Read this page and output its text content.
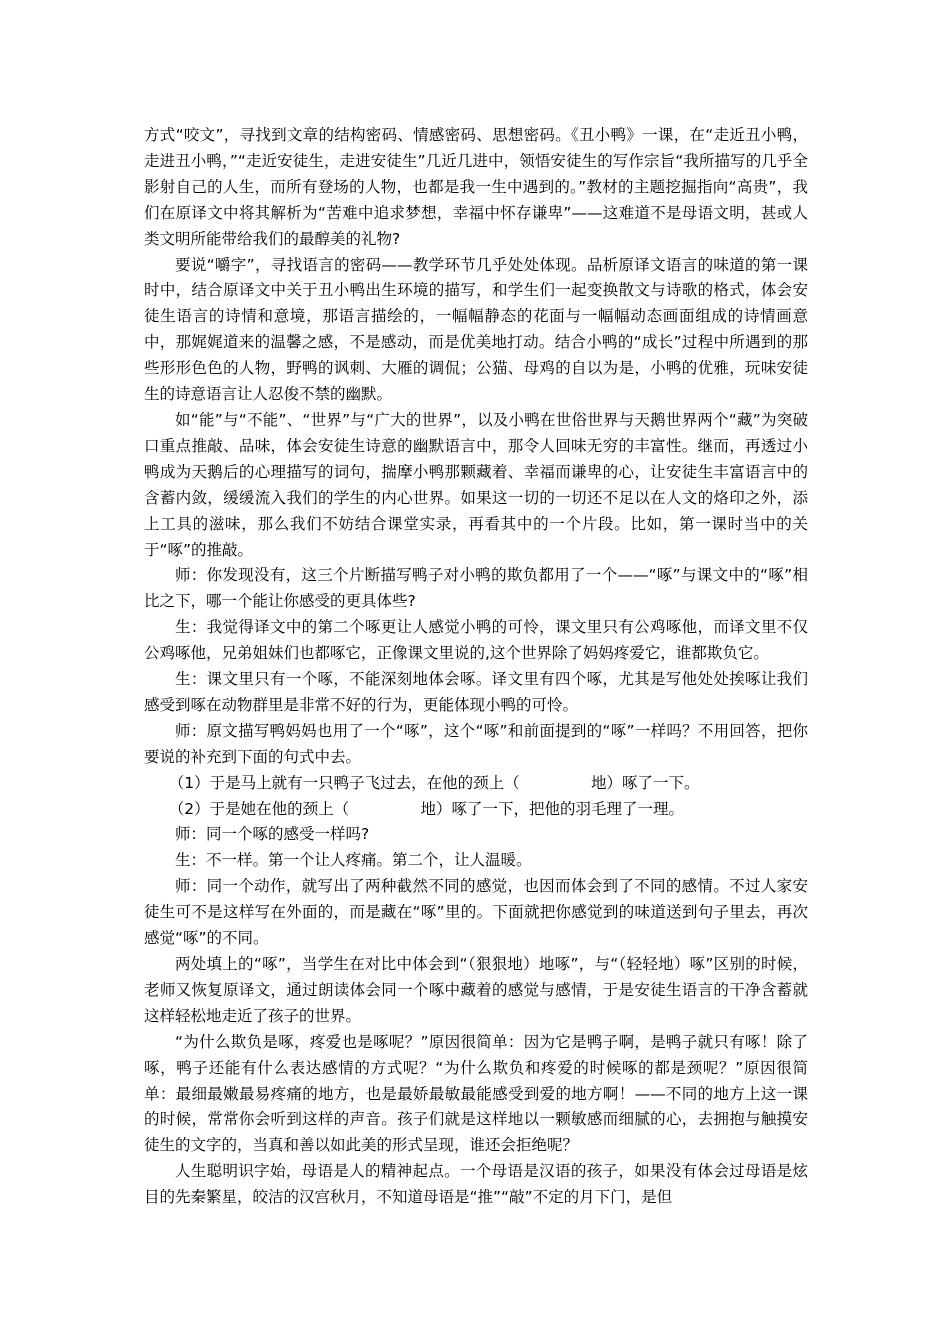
方式“咬文”，寻找到文章的结构密码、情感密码、思想密码。《丑小鸭》一课，在“走近丑小鸭，走进丑小鸭，”“走近安徒生，走进安徒生”几近几进中，领悟安徒生的写作宗旨“我所描写的几乎全影射自己的人生，而所有登场的人物，也都是我一生中遇到的。”教材的主题挖掘指向“高贵”，我们在原译文中将其解析为“苦难中追求梦想，幸福中怀存谦卑”——这难道不是母语文明，甚或人类文明所能带给我们的最醇美的礼物?

要说“嚼字”，寻找语言的密码——教学环节几乎处处体现。品析原译文语言的味道的第一课时中，结合原译文中关于丑小鸭出生环境的描写，和学生们一起变换散文与诗歌的格式，体会安徒生语言的诗情和意境，那语言描绘的，一幅幅静态的花面与一幅幅动态画面组成的诗情画意中，那娓娓道来的温馨之感，不是感动，而是优美地打动。结合小鸭的“成长”过程中所遇到的那些形形色色的人物，野鸭的讽刺、大雁的调侃；公猫、母鸡的自以为是，小鸭的优雅，玩味安徒生的诗意语言让人忍俊不禁的幽默。

如“能”与“不能”、“世界”与“广大的世界”，以及小鸭在世俗世界与天鹅世界两个“藏”为突破口重点推敲、品味，体会安徒生诗意的幽默语言中，那令人回味无穷的丰富性。继而，再透过小鸭成为天鹅后的心理描写的词句，揣摩小鸭那颗藏着、幸福而谦卑的心，让安徒生丰富语言中的含蓄内敛，缓缓流入我们的学生的内心世界。如果这一切的一切还不足以在人文的烙印之外，添上工具的滋味，那么我们不妨结合课堂实录，再看其中的一个片段。比如，第一课时当中的关于“啄”的推敲。

师：你发现没有，这三个片断描写鸭子对小鸭的欺负都用了一个——“啄”与课文中的“啄”相比之下，哪一个能让你感受的更具体些?

生：我觉得译文中的第二个啄更让人感觉小鸭的可怜，课文里只有公鸡啄他，而译文里不仅公鸡啄他，兄弟姐妹们也都啄它，正像课文里说的,这个世界除了妈妈疼爱它，谁都欺负它。

生：课文里只有一个啄，不能深刻地体会啄。译文里有四个啄，尤其是写他处处挨啄让我们感受到啄在动物群里是非常不好的行为，更能体现小鸭的可怜。

师：原文描写鸭妈妈也用了一个“啄”，这个“啄”和前面提到的“啄”一样吗？不用回答，把你要说的补充到下面的句式中去。

（1）于是马上就有一只鸭子飞过去，在他的颈上（	地）啄了一下。

（2）于是她在他的颈上（	地）啄了一下，把他的羽毛理了一理。

师：同一个啄的感受一样吗?

生：不一样。第一个让人疼痛。第二个，让人温暖。

师：同一个动作，就写出了两种截然不同的感觉，也因而体会到了不同的感情。不过人家安徒生可不是这样写在外面的，而是藏在“啄”里的。下面就把你感觉到的味道送到句子里去，再次感觉“啄”的不同。

两处填上的“啄”，当学生在对比中体会到“（狠狠地）地啄”，与“（轻轻地）啄”区别的时候，老师又恢复原译文，通过朗读体会同一个啄中藏着的感觉与感情，于是安徒生语言的干净含蓄就这样轻松地走近了孩子的世界。

“为什么欺负是啄，疼爱也是啄呢？”原因很简单：因为它是鸭子啊，是鸭子就只有啄！除了啄，鸭子还能有什么表达感情的方式呢？“为什么欺负和疼爱的时候啄的都是颈呢？”原因很简单：最细最嫩最易疼痛的地方，也是最娇最敏最能感受到爱的地方啊！——不同的地方上这一课的时候，常常你会听到这样的声音。孩子们就是这样地以一颗敏感而细腻的心，去拥抱与触摸安徒生的文字的，当真和善以如此美的形式呈现，谁还会拒绝呢？

人生聪明识字始，母语是人的精神起点。一个母语是汉语的孩子，如果没有体会过母语是炫目的先秦繁星，皎洁的汉宫秋月，不知道母语是“推”“敲”不定的月下门，是但
